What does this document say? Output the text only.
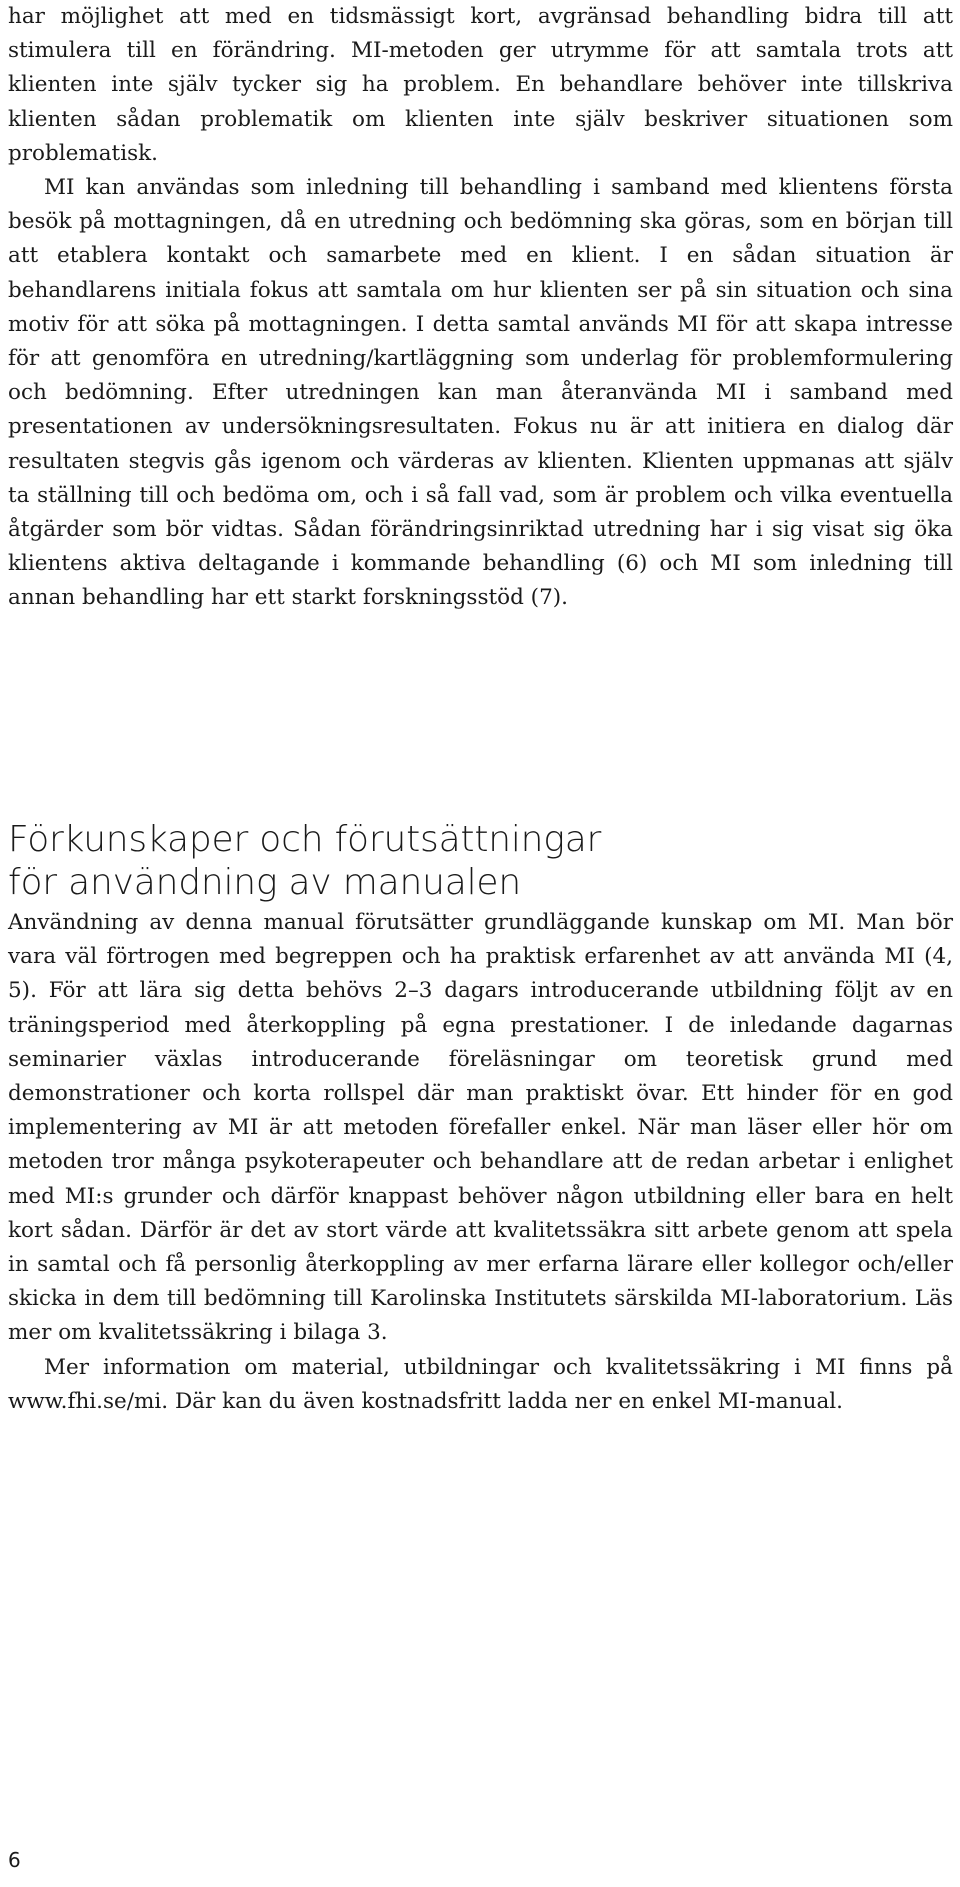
har möjlighet att med en tidsmässigt kort, avgränsad behandling bidra till att stimulera till en förändring. MI-metoden ger utrymme för att samtala trots att klienten inte själv tycker sig ha problem. En behandlare behöver inte tillskriva klienten sådan problematik om klienten inte själv beskriver situationen som problematisk.

MI kan användas som inledning till behandling i samband med klientens första besök på mottagningen, då en utredning och bedömning ska göras, som en början till att etablera kontakt och samarbete med en klient. I en sådan situation är behandlarens initiala fokus att samtala om hur klienten ser på sin situation och sina motiv för att söka på mottagningen. I detta samtal används MI för att skapa intresse för att genomföra en utredning/kartläggning som underlag för problemformulering och bedömning. Efter utredningen kan man återanvända MI i samband med presentationen av undersökningsresultaten. Fokus nu är att initiera en dialog där resultaten stegvis gås igenom och värderas av klienten. Klienten uppmanas att själv ta ställning till och bedöma om, och i så fall vad, som är problem och vilka eventuella åtgärder som bör vidtas. Sådan förändringsinriktad utredning har i sig visat sig öka klientens aktiva deltagande i kommande behandling (6) och MI som inledning till annan behandling har ett starkt forskningsstöd (7).

Förkunskaper och förutsättningar
för användning av manualen

Användning av denna manual förutsätter grundläggande kunskap om MI. Man bör vara väl förtrogen med begreppen och ha praktisk erfarenhet av att använda MI (4, 5). För att lära sig detta behövs 2–3 dagars introducerande utbildning följt av en träningsperiod med återkoppling på egna prestationer. I de inledande dagarnas seminarier växlas introducerande föreläsningar om teoretisk grund med demonstrationer och korta rollspel där man praktiskt övar. Ett hinder för en god implementering av MI är att metoden förefaller enkel. När man läser eller hör om metoden tror många psykoterapeuter och behandlare att de redan arbetar i enlighet med MI:s grunder och därför knappast behöver någon utbildning eller bara en helt kort sådan. Därför är det av stort värde att kvalitetssäkra sitt arbete genom att spela in samtal och få personlig återkoppling av mer erfarna lärare eller kollegor och/eller skicka in dem till bedömning till Karolinska Institutets särskilda MI-laboratorium. Läs mer om kvalitetssäkring i bilaga 3.

Mer information om material, utbildningar och kvalitetssäkring i MI finns på www.fhi.se/mi. Där kan du även kostnadsfritt ladda ner en enkel MI-manual.

6
